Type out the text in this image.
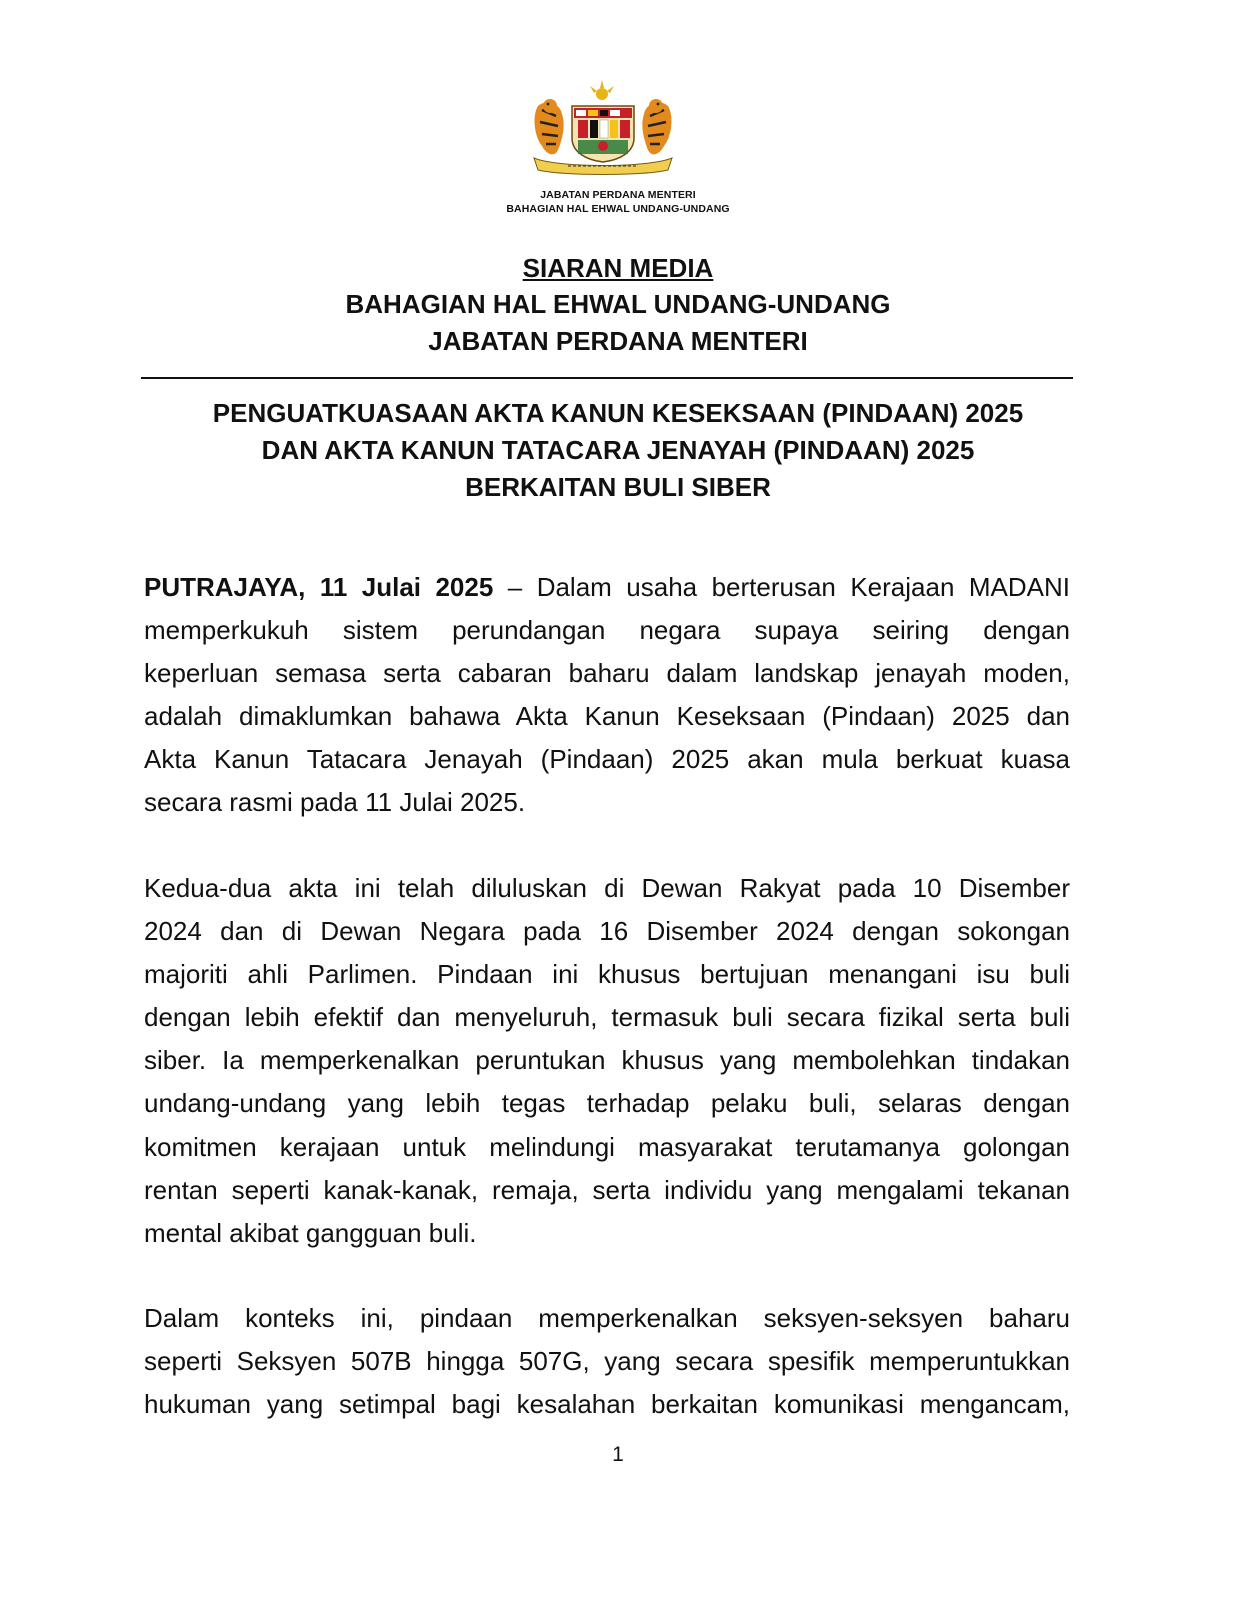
JABATAN PERDANA MENTERI
BAHAGIAN HAL EHWAL UNDANG-UNDANG
SIARAN MEDIA
BAHAGIAN HAL EHWAL UNDANG-UNDANG
JABATAN PERDANA MENTERI
PENGUATKUASAAN AKTA KANUN KESEKSAAN (PINDAAN) 2025
DAN AKTA KANUN TATACARA JENAYAH (PINDAAN) 2025
BERKAITAN BULI SIBER
PUTRAJAYA, 11 Julai 2025 – Dalam usaha berterusan Kerajaan MADANI
memperkukuh sistem perundangan negara supaya seiring dengan
keperluan semasa serta cabaran baharu dalam landskap jenayah moden,
adalah dimaklumkan bahawa Akta Kanun Keseksaan (Pindaan) 2025 dan
Akta Kanun Tatacara Jenayah (Pindaan) 2025 akan mula berkuat kuasa
secara rasmi pada 11 Julai 2025.
Kedua-dua akta ini telah diluluskan di Dewan Rakyat pada 10 Disember
2024 dan di Dewan Negara pada 16 Disember 2024 dengan sokongan
majoriti ahli Parlimen. Pindaan ini khusus bertujuan menangani isu buli
dengan lebih efektif dan menyeluruh, termasuk buli secara fizikal serta buli
siber. Ia memperkenalkan peruntukan khusus yang membolehkan tindakan
undang-undang yang lebih tegas terhadap pelaku buli, selaras dengan
komitmen kerajaan untuk melindungi masyarakat terutamanya golongan
rentan seperti kanak-kanak, remaja, serta individu yang mengalami tekanan
mental akibat gangguan buli.
Dalam konteks ini, pindaan memperkenalkan seksyen-seksyen baharu
seperti Seksyen 507B hingga 507G, yang secara spesifik memperuntukkan
hukuman yang setimpal bagi kesalahan berkaitan komunikasi mengancam,
1
